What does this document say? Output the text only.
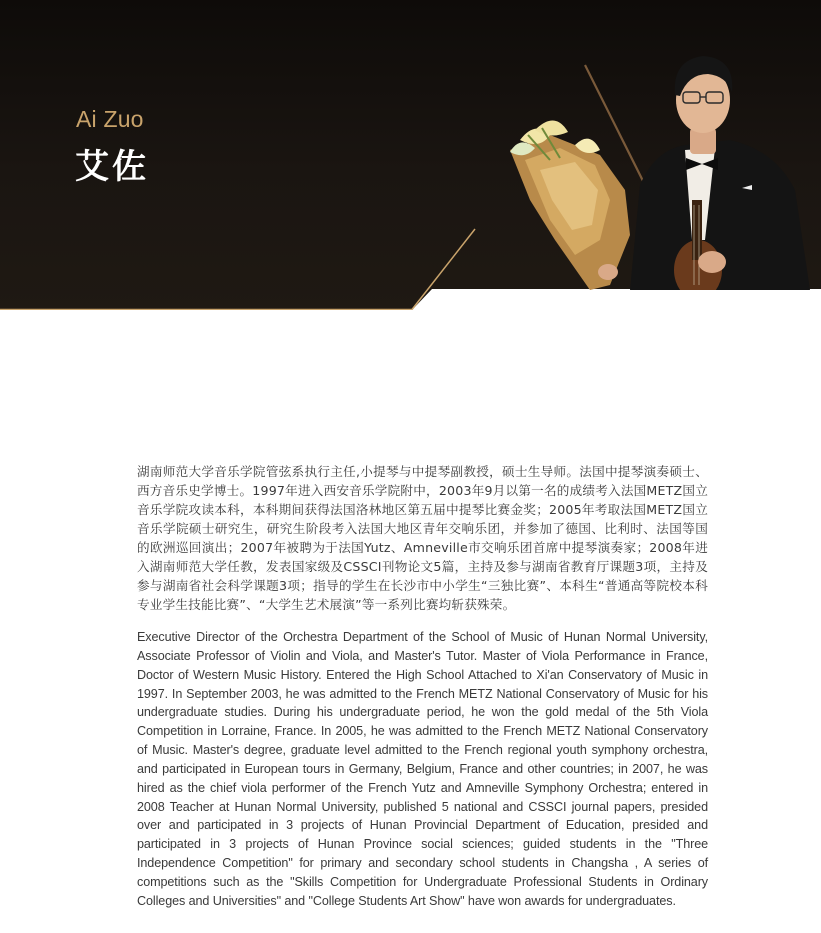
Ai Zuo
艾佐

湖南师范大学音乐学院管弦系执行主任,小提琴与中提琴副教授，硕士生导师。法国中提琴演奏硕士、西方音乐史学博士。1997年进入西安音乐学院附中，2003年9月以第一名的成绩考入法国METZ国立音乐学院攻读本科，本科期间获得法国洛林地区第五届中提琴比赛金奖；2005年考取法国METZ国立音乐学院硕士研究生，研究生阶段考入法国大地区青年交响乐团，并参加了德国、比利时、法国等国的欧洲巡回演出；2007年被聘为于法国Yutz、Amneville市交响乐团首席中提琴演奏家；2008年进入湖南师范大学任教，发表国家级及CSSCI刊物论文5篇，主持及参与湖南省教育厅课题3项，主持及参与湖南省社会科学课题3项；指导的学生在长沙市中小学生“三独比赛”、本科生“普通高等院校本科专业学生技能比赛”、“大学生艺术展演”等一系列比赛均斩获殊荣。

Executive Director of the Orchestra Department of the School of Music of Hunan Normal University, Associate Professor of Violin and Viola, and Master's Tutor. Master of Viola Performance in France, Doctor of Western Music History. Entered the High School Attached to Xi'an Conservatory of Music in 1997. In September 2003, he was admitted to the French METZ National Conservatory of Music for his undergraduate studies. During his undergraduate period, he won the gold medal of the 5th Viola Competition in Lorraine, France. In 2005, he was admitted to the French METZ National Conservatory of Music. Master's degree, graduate level admitted to the French regional youth symphony orchestra, and participated in European tours in Germany, Belgium, France and other countries; in 2007, he was hired as the chief viola performer of the French Yutz and Amneville Symphony Orchestra; entered in 2008 Teacher at Hunan Normal University, published 5 national and CSSCI journal papers, presided over and participated in 3 projects of Hunan Provincial Department of Education, presided and participated in 3 projects of Hunan Province social sciences; guided students in the "Three Independence Competition" for primary and secondary school students in Changsha , A series of competitions such as the "Skills Competition for Undergraduate Professional Students in Ordinary Colleges and Universities" and "College Students Art Show" have won awards for undergraduates.
